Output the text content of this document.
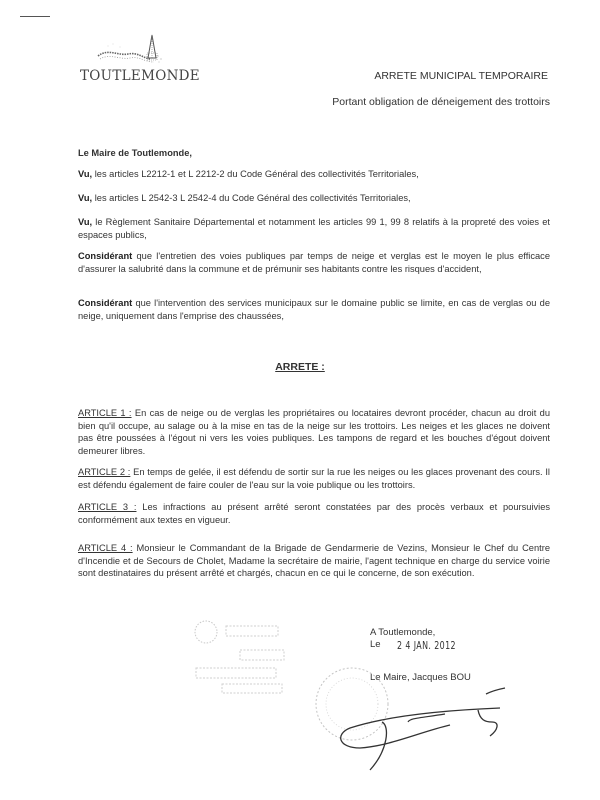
TOUTLEMONDE	ARRETE MUNICIPAL TEMPORAIRE
Portant obligation de déneigement des trottoirs
Le Maire de Toutlemonde,
Vu, les articles L2212-1 et L 2212-2 du Code Général des collectivités Territoriales,
Vu, les articles L 2542-3 L 2542-4 du Code Général des collectivités Territoriales,
Vu, le Règlement Sanitaire Départemental et notamment les articles 99 1, 99 8 relatifs à la propreté des voies et espaces publics,
Considérant que l'entretien des voies publiques par temps de neige et verglas est le moyen le plus efficace d'assurer la salubrité dans la commune et de prémunir ses habitants contre les risques d'accident,
Considérant que l'intervention des services municipaux sur le domaine public se limite, en cas de verglas ou de neige, uniquement dans l'emprise des chaussées,
ARRETE :
ARTICLE 1 : En cas de neige ou de verglas les propriétaires ou locataires devront procéder, chacun au droit du bien qu'il occupe, au salage ou à la mise en tas de la neige sur les trottoirs. Les neiges et les glaces ne doivent pas être poussées à l'égout ni vers les voies publiques. Les tampons de regard et les bouches d'égout doivent demeurer libres.
ARTICLE 2 : En temps de gelée, il est défendu de sortir sur la rue les neiges ou les glaces provenant des cours. Il est défendu également de faire couler de l'eau sur la voie publique ou les trottoirs.
ARTICLE 3 : Les infractions au présent arrêté seront constatées par des procès verbaux et poursuivies conformément aux textes en vigueur.
ARTICLE 4 : Monsieur le Commandant de la Brigade de Gendarmerie de Vezins, Monsieur le Chef du Centre d'Incendie et de Secours de Cholet, Madame la secrétaire de mairie, l'agent technique en charge du service voirie sont destinataires du présent arrêté et chargés, chacun en ce qui le concerne, de son exécution.
A Toutlemonde,
Le 2 4 JAN. 2012
Le Maire, Jacques BOU
